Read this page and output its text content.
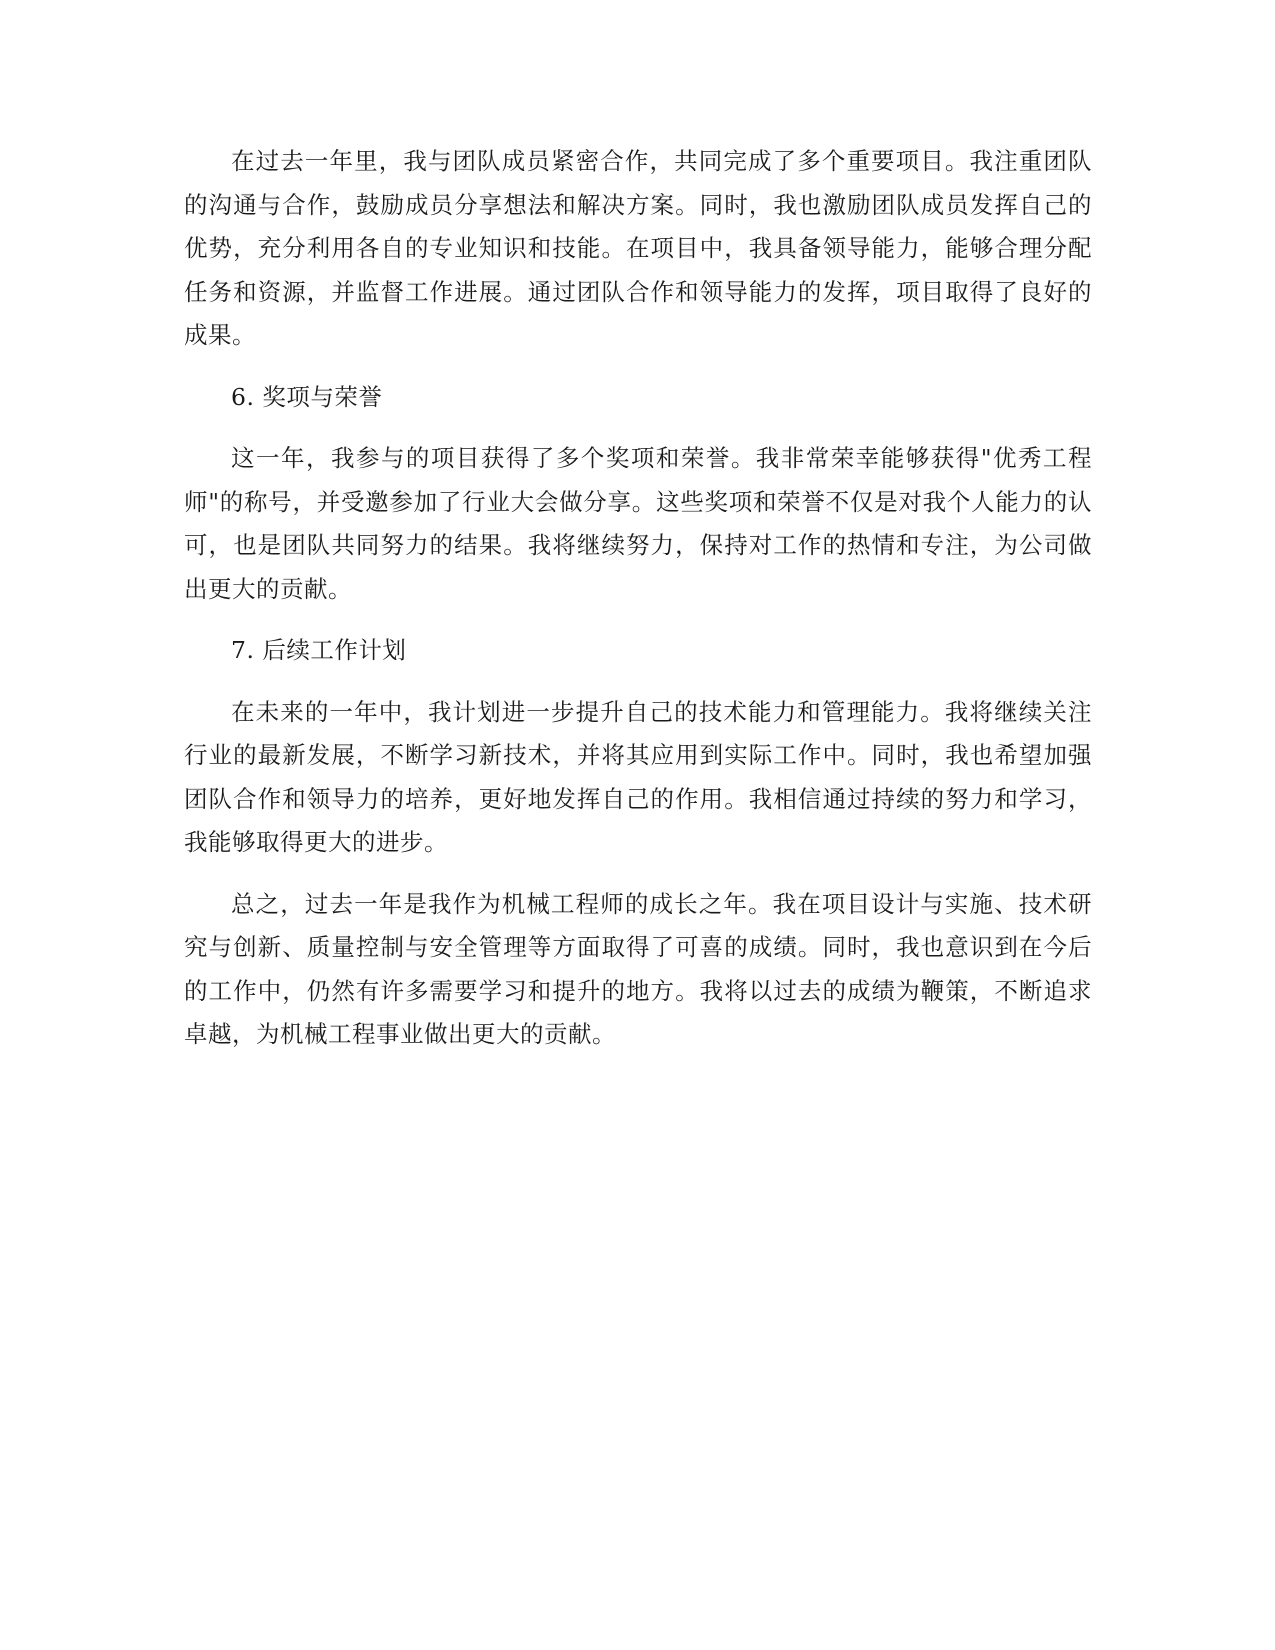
在过去一年里，我与团队成员紧密合作，共同完成了多个重要项目。我注重团队的沟通与合作，鼓励成员分享想法和解决方案。同时，我也激励团队成员发挥自己的优势，充分利用各自的专业知识和技能。在项目中，我具备领导能力，能够合理分配任务和资源，并监督工作进展。通过团队合作和领导能力的发挥，项目取得了良好的成果。

6. 奖项与荣誉

这一年，我参与的项目获得了多个奖项和荣誉。我非常荣幸能够获得"优秀工程师"的称号，并受邀参加了行业大会做分享。这些奖项和荣誉不仅是对我个人能力的认可，也是团队共同努力的结果。我将继续努力，保持对工作的热情和专注，为公司做出更大的贡献。

7. 后续工作计划

在未来的一年中，我计划进一步提升自己的技术能力和管理能力。我将继续关注行业的最新发展，不断学习新技术，并将其应用到实际工作中。同时，我也希望加强团队合作和领导力的培养，更好地发挥自己的作用。我相信通过持续的努力和学习，我能够取得更大的进步。

总之，过去一年是我作为机械工程师的成长之年。我在项目设计与实施、技术研究与创新、质量控制与安全管理等方面取得了可喜的成绩。同时，我也意识到在今后的工作中，仍然有许多需要学习和提升的地方。我将以过去的成绩为鞭策，不断追求卓越，为机械工程事业做出更大的贡献。
